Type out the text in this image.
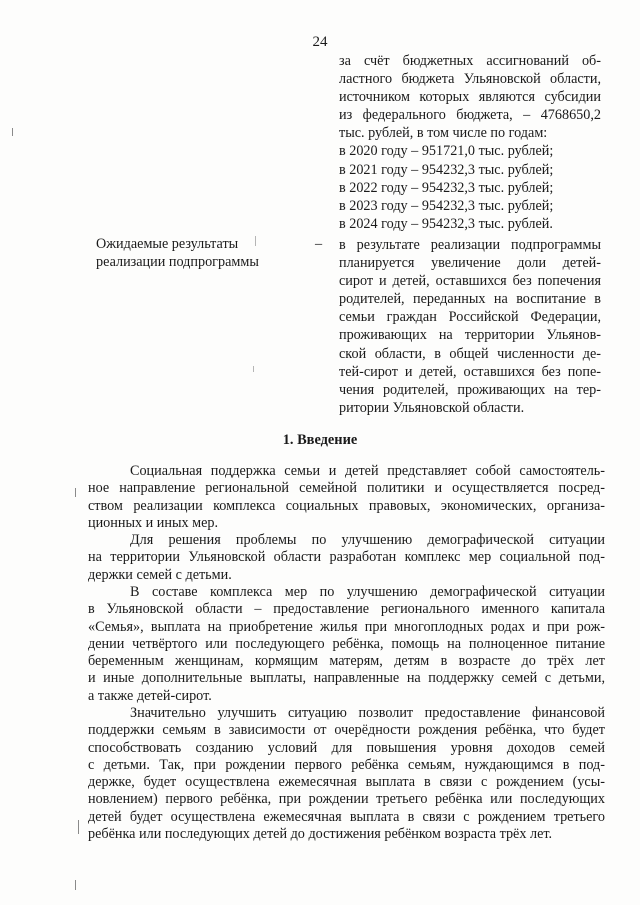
24
за счёт бюджетных ассигнований об-
ластного бюджета Ульяновской области,
источником которых являются субсидии
из федерального бюджета, – 4768650,2
тыс. рублей, в том числе по годам:
в 2020 году – 951721,0 тыс. рублей;
в 2021 году – 954232,3 тыс. рублей;
в 2022 году – 954232,3 тыс. рублей;
в 2023 году – 954232,3 тыс. рублей;
в 2024 году – 954232,3 тыс. рублей.
Ожидаемые результаты
реализации подпрограммы
– в результате реализации подпрограммы
планируется увеличение доли детей-
сирот и детей, оставшихся без попечения
родителей, переданных на воспитание в
семьи граждан Российской Федерации,
проживающих на территории Ульянов-
ской области, в общей численности де-
тей-сирот и детей, оставшихся без попе-
чения родителей, проживающих на тер-
ритории Ульяновской области.
1. Введение

Социальная поддержка семьи и детей представляет собой самостоятель-
ное направление региональной семейной политики и осуществляется посред-
ством реализации комплекса социальных правовых, экономических, организа-
ционных и иных мер.

Для решения проблемы по улучшению демографической ситуации
на территории Ульяновской области разработан комплекс мер социальной под-
держки семей с детьми.

В составе комплекса мер по улучшению демографической ситуации
в Ульяновской области – предоставление регионального именного капитала
«Семья», выплата на приобретение жилья при многоплодных родах и при рож-
дении четвёртого или последующего ребёнка, помощь на полноценное питание
беременным женщинам, кормящим матерям, детям в возрасте до трёх лет
и иные дополнительные выплаты, направленные на поддержку семей с детьми,
а также детей-сирот.

Значительно улучшить ситуацию позволит предоставление финансовой
поддержки семьям в зависимости от очерёдности рождения ребёнка, что будет
способствовать созданию условий для повышения уровня доходов семей
с детьми. Так, при рождении первого ребёнка семьям, нуждающимся в под-
держке, будет осуществлена ежемесячная выплата в связи с рождением (усы-
новлением) первого ребёнка, при рождении третьего ребёнка или последующих
детей будет осуществлена ежемесячная выплата в связи с рождением третьего
ребёнка или последующих детей до достижения ребёнком возраста трёх лет.
